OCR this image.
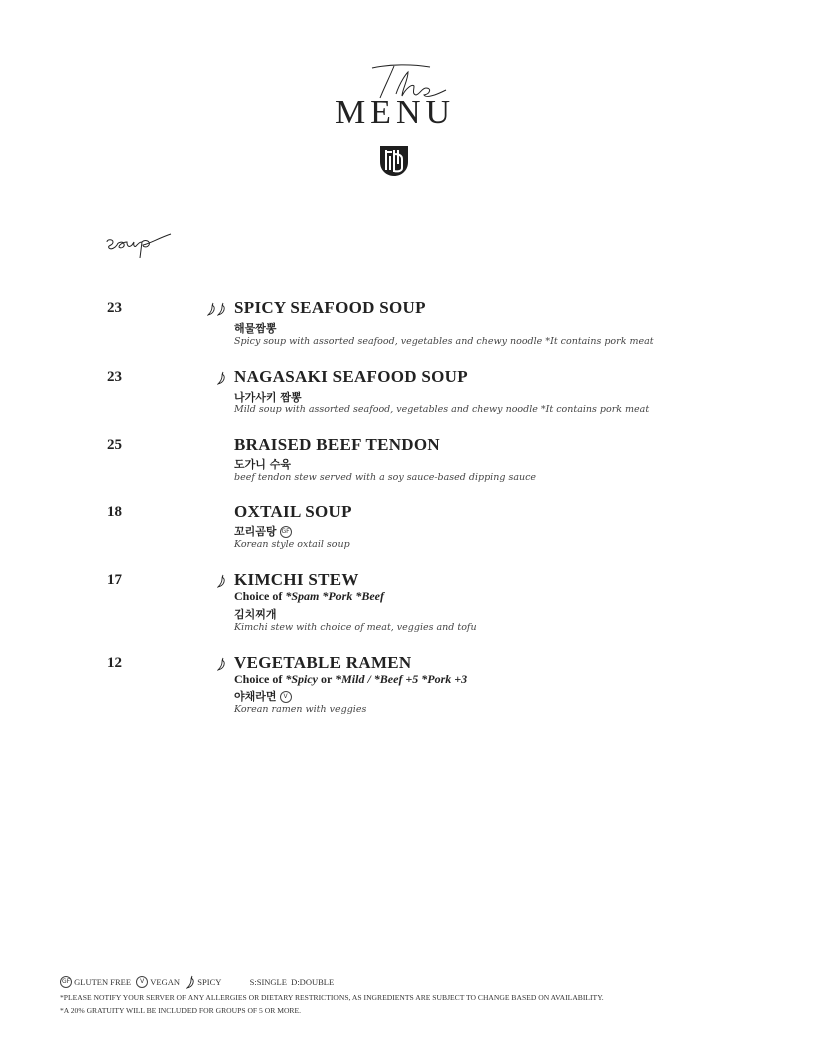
MENU
23	SPICY SEAFOOD SOUP
해물짬뽕
Spicy soup with assorted seafood, vegetables and chewy noodle *It contains pork meat
23	NAGASAKI SEAFOOD SOUP
나가사키 짬뽕
Mild soup with assorted seafood, vegetables and chewy noodle *It contains pork meat
25	BRAISED BEEF TENDON
도가니 수육
beef tendon stew served with a soy sauce-based dipping sauce
18	OXTAIL SOUP
꼬리곰탕 GF
Korean style oxtail soup
17	KIMCHI STEW
Choice of *Spam *Pork *Beef
김치찌개
Kimchi stew with choice of meat, veggies and tofu
12	VEGETABLE RAMEN
Choice of *Spicy or *Mild / *Beef +5 *Pork +3
야채라면 V
Korean ramen with veggies
GF GLUTEN FREE V VEGAN SPICY	S:SINGLE  D:DOUBLE
*PLEASE NOTIFY YOUR SERVER OF ANY ALLERGIES OR DIETARY RESTRICTIONS, AS INGREDIENTS ARE SUBJECT TO CHANGE BASED ON AVAILABILITY.
*A 20% GRATUITY WILL BE INCLUDED FOR GROUPS OF 5 OR MORE.
